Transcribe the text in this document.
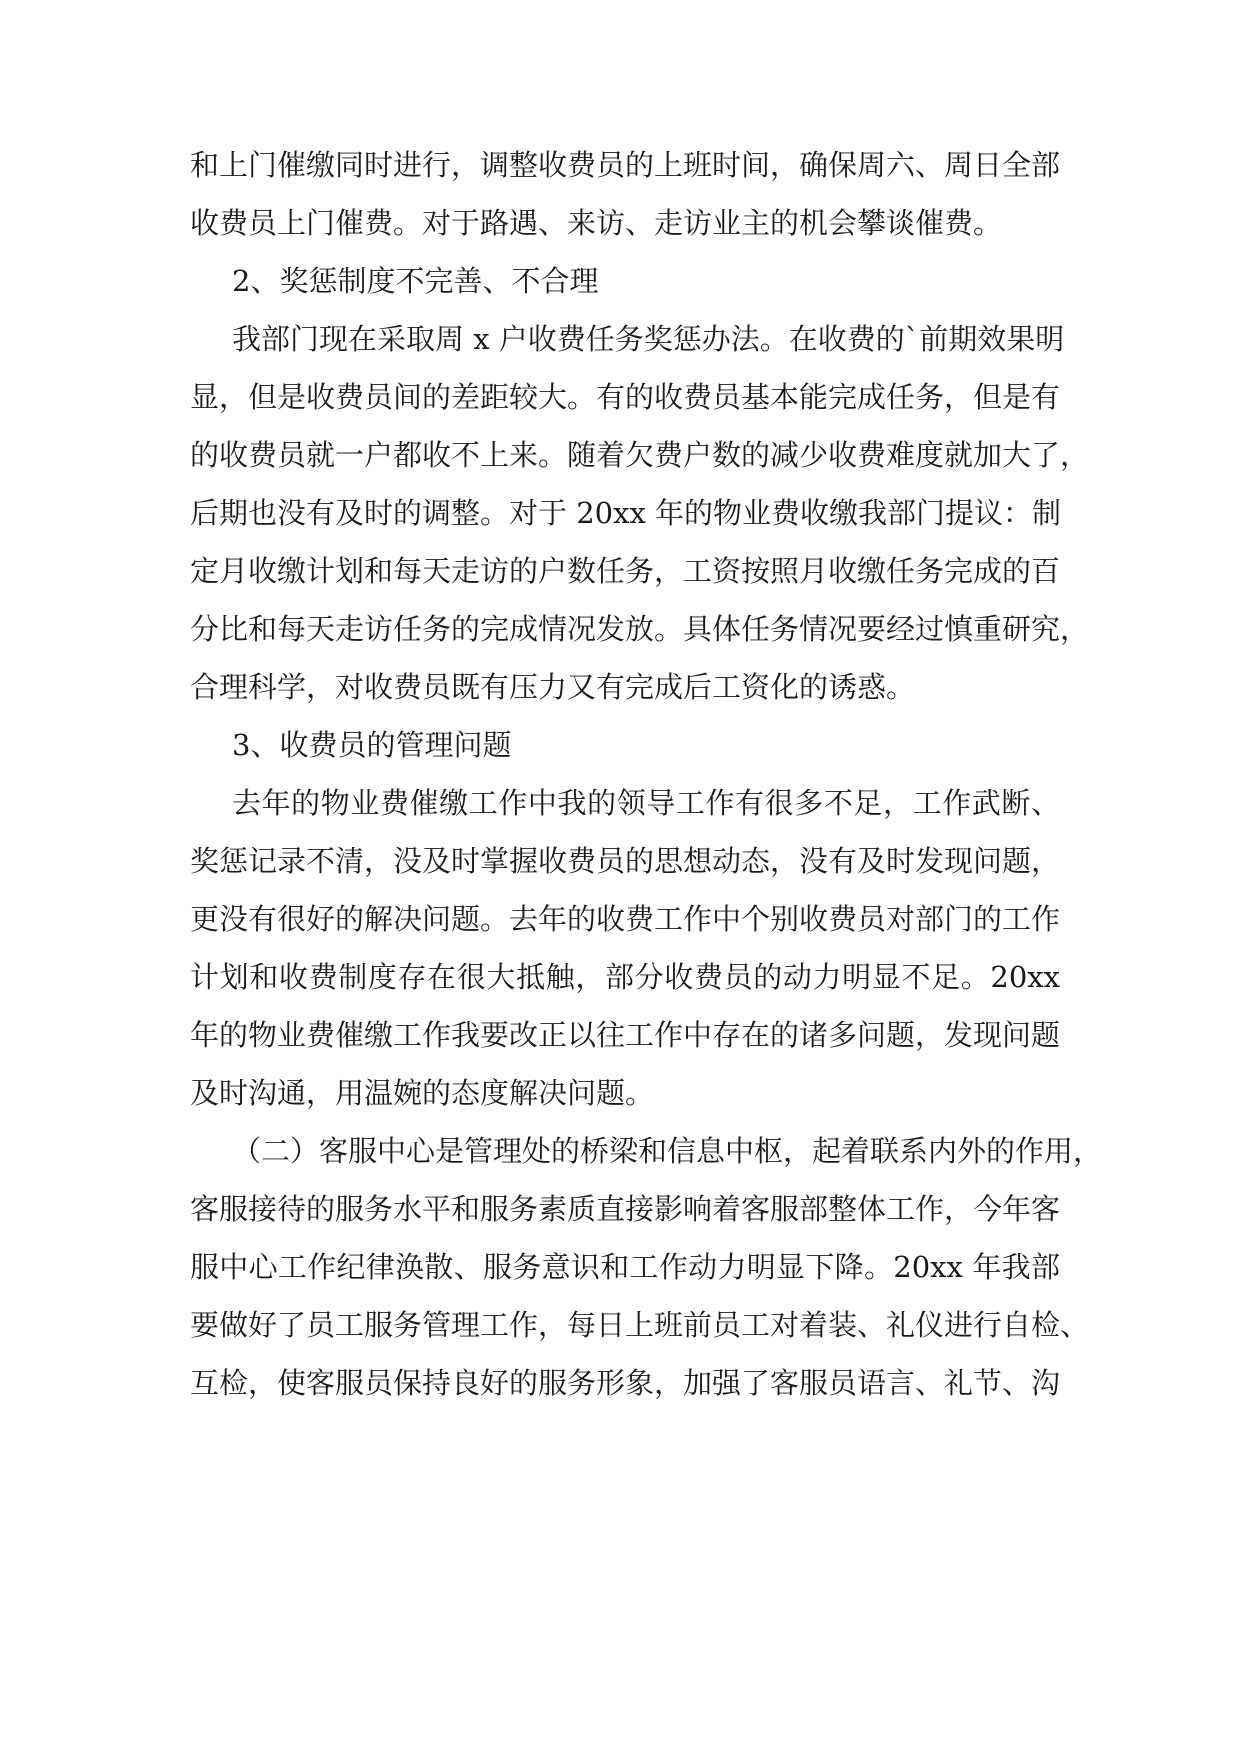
和上门催缴同时进行，调整收费员的上班时间，确保周六、周日全部
收费员上门催费。对于路遇、来访、走访业主的机会攀谈催费。
2、奖惩制度不完善、不合理
我部门现在采取周 x 户收费任务奖惩办法。在收费的`前期效果明
显，但是收费员间的差距较大。有的收费员基本能完成任务，但是有
的收费员就一户都收不上来。随着欠费户数的减少收费难度就加大了，
后期也没有及时的调整。对于 20xx 年的物业费收缴我部门提议：制
定月收缴计划和每天走访的户数任务，工资按照月收缴任务完成的百
分比和每天走访任务的完成情况发放。具体任务情况要经过慎重研究，
合理科学，对收费员既有压力又有完成后工资化的诱惑。
3、收费员的管理问题
去年的物业费催缴工作中我的领导工作有很多不足，工作武断、
奖惩记录不清，没及时掌握收费员的思想动态，没有及时发现问题，
更没有很好的解决问题。去年的收费工作中个别收费员对部门的工作
计划和收费制度存在很大抵触，部分收费员的动力明显不足。20xx
年的物业费催缴工作我要改正以往工作中存在的诸多问题，发现问题
及时沟通，用温婉的态度解决问题。
（二）客服中心是管理处的桥梁和信息中枢，起着联系内外的作用，
客服接待的服务水平和服务素质直接影响着客服部整体工作，今年客
服中心工作纪律涣散、服务意识和工作动力明显下降。20xx 年我部
要做好了员工服务管理工作，每日上班前员工对着装、礼仪进行自检、
互检，使客服员保持良好的服务形象，加强了客服员语言、礼节、沟
